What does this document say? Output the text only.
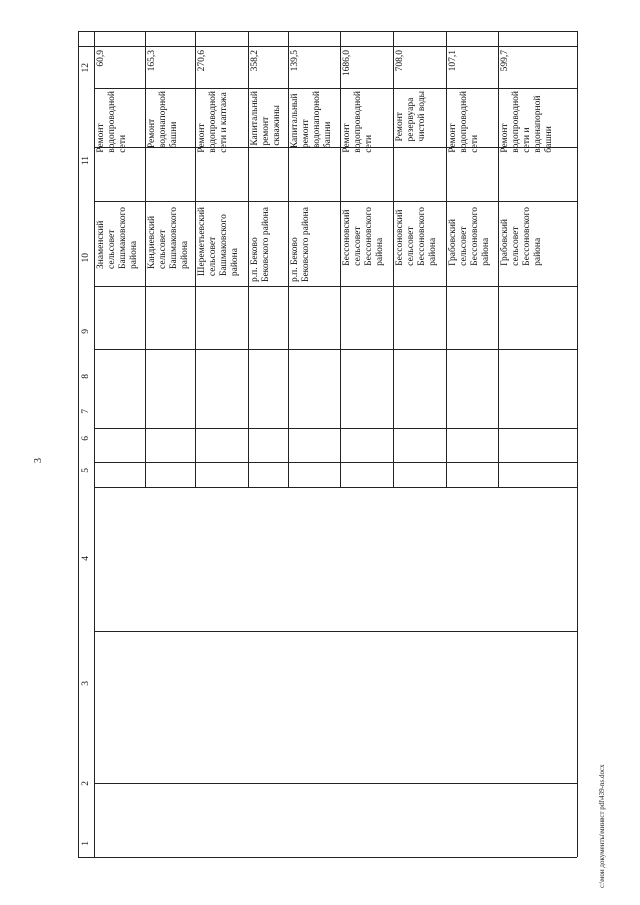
3
c:\мои документы\минвст pdl\439-ns.docx
1
2
3
4
5
6
7
8
9
10
11
12
Знаменский
сельсовет
Башмаковского
района
Ремонт
водопроводной
сети
60,9
Кандиевский
сельсовет
Башмаковского
района
Ремонт
водонапорной
башни
165,3
Шереметьевский
сельсовет
Башмаковского
района
Ремонт
водопроводной
сети и каптажа
270,6
р.п. Бековo
Бековского района
Капитальный
ремонт
скважины
358,2
р.п. Бековo
Бековского района
Капитальный
ремонт
водонапорной
башни
139,5
Бессоновский
сельсовет
Бессоновского
района
Ремонт
водопроводной
сети
1686,0
Бессоновский
сельсовет
Бессоновского
района
Ремонт
резервуара
чистой воды
708,0
Грабовский
сельсовет
Бессоновского
района
Ремонт
водопроводной
сети
107,1
Грабовский
сельсовет
Бессоновского
района
Ремонт
водопроводной
сети и
водонапорной
башни
599,7
